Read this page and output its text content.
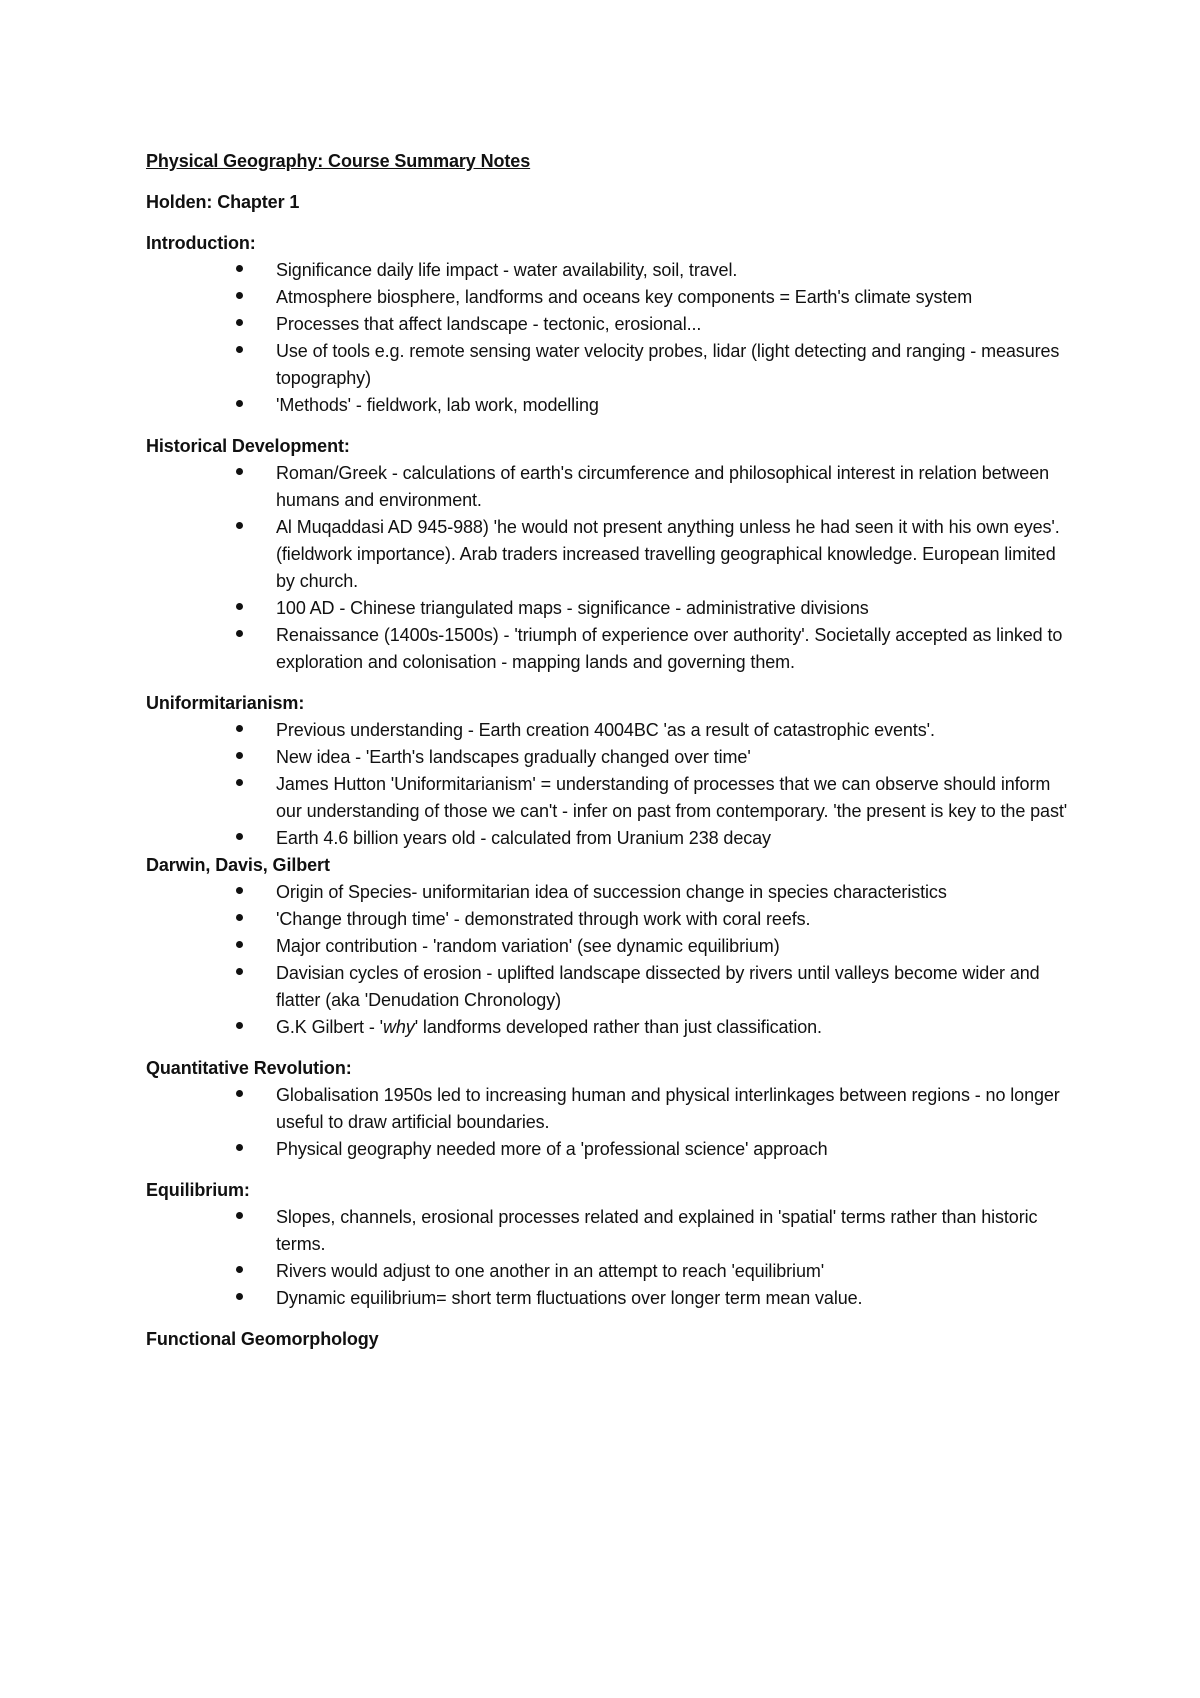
Physical Geography: Course Summary Notes
Holden: Chapter 1
Introduction:
Significance daily life impact - water availability, soil, travel.
Atmosphere biosphere, landforms and oceans key components = Earth's climate system
Processes that affect landscape - tectonic, erosional...
Use of tools e.g. remote sensing water velocity probes, lidar (light detecting and ranging - measures topography)
'Methods' - fieldwork, lab work, modelling
Historical Development:
Roman/Greek - calculations of earth's circumference and philosophical interest in relation between humans and environment.
Al Muqaddasi AD 945-988) 'he would not present anything unless he had seen it with his own eyes'. (fieldwork importance). Arab traders increased travelling geographical knowledge. European limited by church.
100 AD - Chinese triangulated maps - significance - administrative divisions
Renaissance (1400s-1500s) - 'triumph of experience over authority'. Societally accepted as linked to exploration and colonisation - mapping lands and governing them.
Uniformitarianism:
Previous understanding - Earth creation 4004BC 'as a result of catastrophic events'.
New idea - 'Earth's landscapes gradually changed over time'
James Hutton 'Uniformitarianism' = understanding of processes that we can observe should inform our understanding of those we can't - infer on past from contemporary. 'the present is key to the past'
Earth 4.6 billion years old - calculated from Uranium 238 decay
Darwin, Davis, Gilbert
Origin of Species- uniformitarian idea of succession change in species characteristics
'Change through time' - demonstrated through work with coral reefs.
Major contribution - 'random variation' (see dynamic equilibrium)
Davisian cycles of erosion - uplifted landscape dissected by rivers until valleys become wider and flatter (aka 'Denudation Chronology)
G.K Gilbert - 'why' landforms developed rather than just classification.
Quantitative Revolution:
Globalisation 1950s led to increasing human and physical interlinkages between regions - no longer useful to draw artificial boundaries.
Physical geography needed more of a 'professional science' approach
Equilibrium:
Slopes, channels, erosional processes related and explained in 'spatial' terms rather than historic terms.
Rivers would adjust to one another in an attempt to reach 'equilibrium'
Dynamic equilibrium= short term fluctuations over longer term mean value.
Functional Geomorphology
